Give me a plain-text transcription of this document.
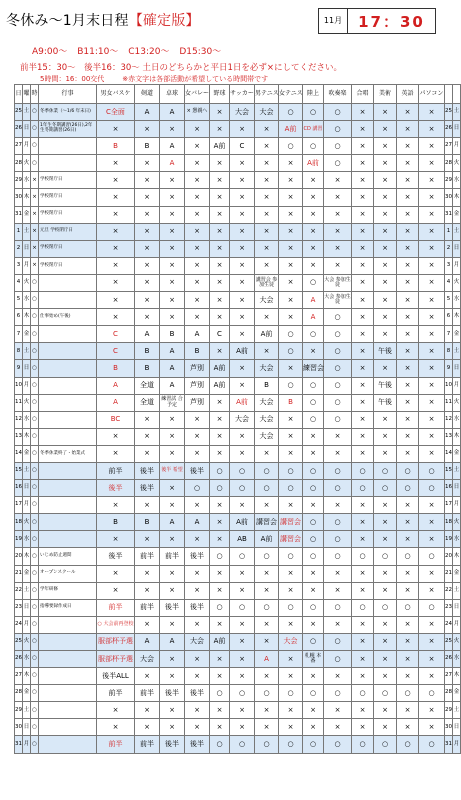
冬休み～1月末日程【確定版】	11月	17：30
A9:00～ B11:10～ C13:20～ D15:30～
前半15：30～　後半16：30～ 土日のどちらかと平日1日を必ず×にしてください。
5時間：16：00交代	※赤文字は各部活動が希望している時間帯です
日	曜	時	行事	男女バスケ	剣道	卓球	女バレー	野球	サッカー	男テニス	女テニス	陸上	吹奏楽	合唱	美術	英語	パソコン		
25	土	○	冬季休業（～1/6 年末日)	C全面	A	A	× 懇親へ	×	大会	大会	○	○	○	×	×	×	×	25	土
26	日	○	1年生冬期講習(26日),2年生冬期講習(26日)	×	×	×	×	×	×	×	A前	CD 講習	○	×	×	×	×	26	日
27	月	○		B	B	A	×	A前	C	×	○	○	○	×	×	×	×	27	月
28	火	○		×	×	A	×	×	×	×	×	A前	○	×	×	×	×	28	火
29	水	×	学校閉庁日	×	×	×	×	×	×	×	×	×	×	×	×	×	×	29	水
30	木	×	学校閉庁日	×	×	×	×	×	×	×	×	×	×	×	×	×	×	30	木
31	金	×	学校閉庁日	×	×	×	×	×	×	×	×	×	×	×	×	×	×	31	金
1	土	×	元旦 学校閉庁日	×	×	×	×	×	×	×	×	×	×	×	×	×	×	1	土
2	日	×	学校閉庁日	×	×	×	×	×	×	×	×	×	×	×	×	×	×	2	日
3	月	×	学校閉庁日	×	×	×	×	×	×	×	×	×	×	×	×	×	×	3	月
4	火	○		×	×	×	×	×	×	講習会 参加生徒	×	○	大会 参加生徒	×	×	×	×	4	火
5	水	○		×	×	×	×	×	×	大会	×	A	大会 参加生徒	×	×	×	×	5	水
6	木	○	仕事始め(午後)	×	×	×	×	×	×	×	×	A	○	×	×	×	×	6	木
7	金	○		C	A	B	A	C	×	A前	○	○	○	×	×	×	×	7	金
8	土	○		C	B	A	B	×	A前	×	○	×	○	×	午後	×	×	8	土
9	日	○		B	B	A	芦別	A前	×	大会	×	練習会	○	×	×	×	×	9	日
10	月	○		A	全道	A	芦別	A前	×	B	○	○	○	×	午後	×	×	10	月
11	火	○		A	全道	練習試 合予定	芦別	×	A前	大会	B	○	○	×	午後	×	×	11	火
12	水	○		BC	×	×	×	×	大会	大会	×	○	○	×	×	×	×	12	水
13	木	○		×	×	×	×	×	×	大会	×	×	×	×	×	×	×	13	木
14	金	○	冬季休業終了・始業式	×	×	×	×	×	×	×	×	×	×	×	×	×	×	14	金
15	土	○		前半	後半	後半 希望	後半	○	○	○	○	○	○	○	○	○	○	15	土
16	日	○		後半	後半	×	○	○	○	○	○	○	○	○	○	○	○	16	日
17	月	○		×	×	×	×	×	×	×	×	×	×	×	×	×	×	17	月
18	火	○		B	B	A	A	×	A前	講習会	講習会	○	○	×	×	×	×	18	火
19	水	○		×	×	×	×	×	AB	A前	講習会	○	○	×	×	×	×	19	水
20	木	○	いじめ防止週間	後半	前半	前半	後半	○	○	○	○	○	○	○	○	○	○	20	木
21	金	○	オープンスクール	×	×	×	×	×	×	×	×	×	×	×	×	×	×	21	金
22	土	○	学年研修	×	×	×	×	×	×	×	×	×	×	×	×	×	×	22	土
23	日	○	指導要録作成日	前半	前半	後半	後半	○	○	○	○	○	○	○	○	○	○	23	日
24	月	○		○ 大会前再登校	×	×	×	×	×	×	×	×	×	×	×	×	×	24	月
25	火	○		服部杯予選	A	A	大会	A前	×	×	大会	○	○	×	×	×	×	25	火
26	水	○		服部杯予選	大会	×	×	×	×	A	×	札幌 本番	○	×	×	×	×	26	水
27	木	○		後半ALL	×	×	×	×	×	×	×	×	×	×	×	×	×	27	木
28	金	○		前半	前半	後半	後半	○	○	○	○	○	○	○	○	○	○	28	金
29	土	○		×	×	×	×	×	×	×	×	×	×	×	×	×	×	29	土
30	日	○		×	×	×	×	×	×	×	×	×	×	×	×	×	×	30	日
31	月	○		前半	前半	後半	後半	○	○	○	○	○	○	○	○	○	○	31	月
